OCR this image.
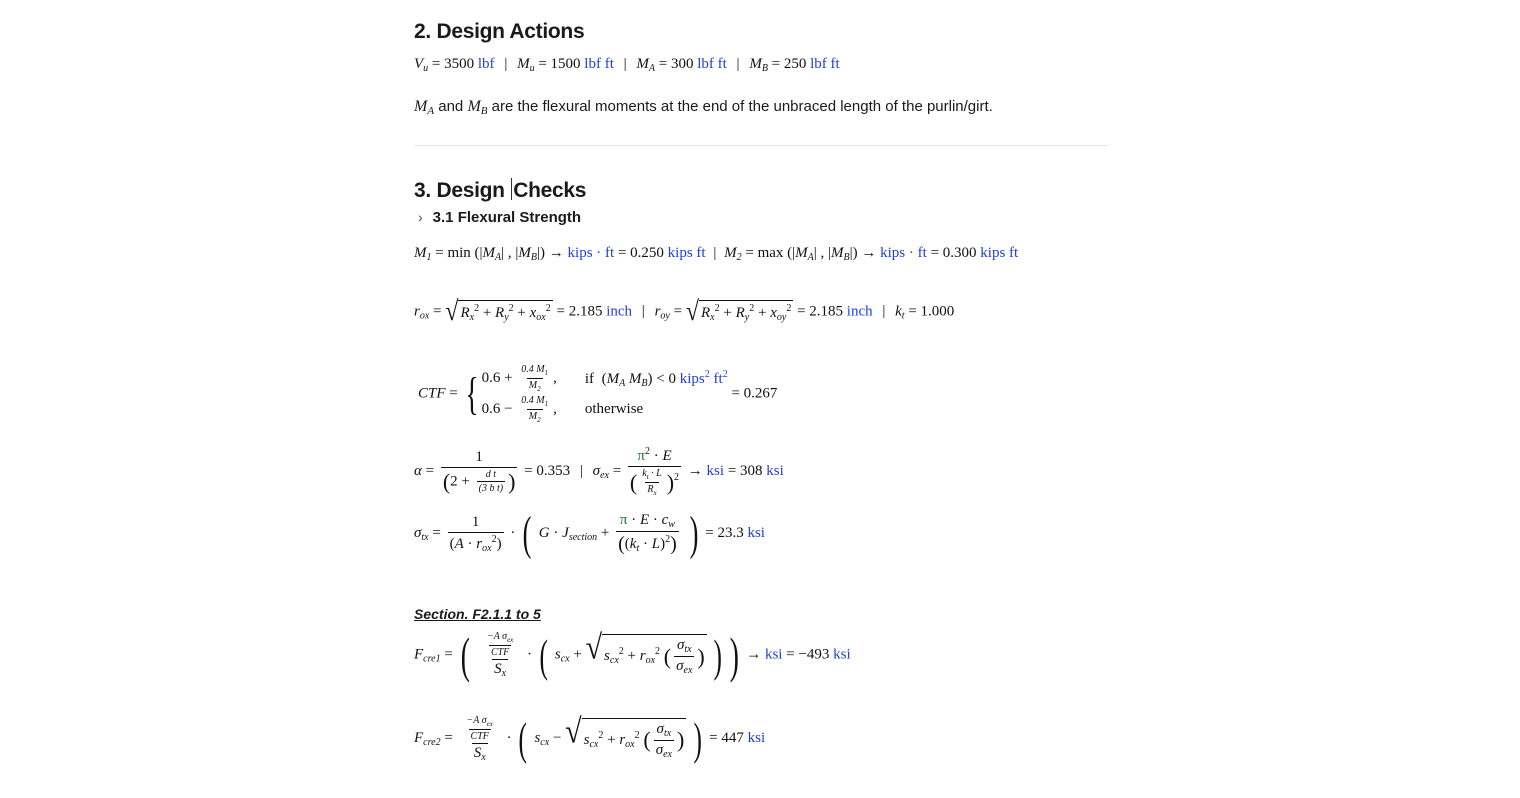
2. Design Actions
$V_u = 3500$ lbf | $M_u = 1500$ lbf ft | $M_A = 300$ lbf ft | $M_B = 250$ lbf ft
$M_A$ and $M_B$ are the flexural moments at the end of the unbraced length of the purlin/girt.
3. Design Checks
› 3.1 Flexural Strength
$M_1 = \min (|M_A|$ , $|M_B|$) → kips · ft = 0.250 kips ft | $M_2 = \max (|M_A|$ , $|M_B|$) → kips · ft = 0.300 kips ft
$r_{ox}$ = √ $R_x^2 + R_y^2 + x_{ox}^2 = 2.185$ inch | $r_{oy}$ = √ $R_x^2 + R_y^2 + x_{oy}^2 = 2.185$ inch | $k_t = 1.000$
CTF = { $0.6 + \frac{0.4 M_1}{M_2}$ , if  ($M_A$ $M_B) < 0$ kips$^2$ $ft^2$
$0.6 - \frac{0.4 M_1}{M_2}$ , otherwise
= 0.267
$\alpha = \frac{1}{(2 + \frac{\text{d t}}{\text{(3 b t)}} )} = 0.353$ | $\sigma_{ex}$ =
$\pi^2 \cdot E$
( $\frac{k_t \cdot L}{R_x} )^2$ → ksi = 308 ksi
$\sigma_{tx}$ =
1
$(A \cdot r_{ox}^2)$
· ( $G \cdot J_{section} + \frac{\pi \cdot E \cdot c_w}{((k_t \cdot L)^2)}$ ) = 23.3 ksi
Section. F2.1.1 to 5
$F_{cre1}$ = ( −A $\sigma_{ex}$
CTF
$S_x$
· ( $s_{cx}$ + √ $s_{cx}^2 + r_{ox}^2$ ( $\sigma_{tx}$
$\sigma_{ex}$
) ) ) → ksi = −493 ksi
$F_{cre2}$ =
−A $\sigma_{ex}$
CTF
$S_x$
· ( $s_{cx}$ − √ $s_{cx}^2 + r_{ox}^2$ ( $\sigma_{tx}$
$\sigma_{ex}$
) ) = 447 ksi
